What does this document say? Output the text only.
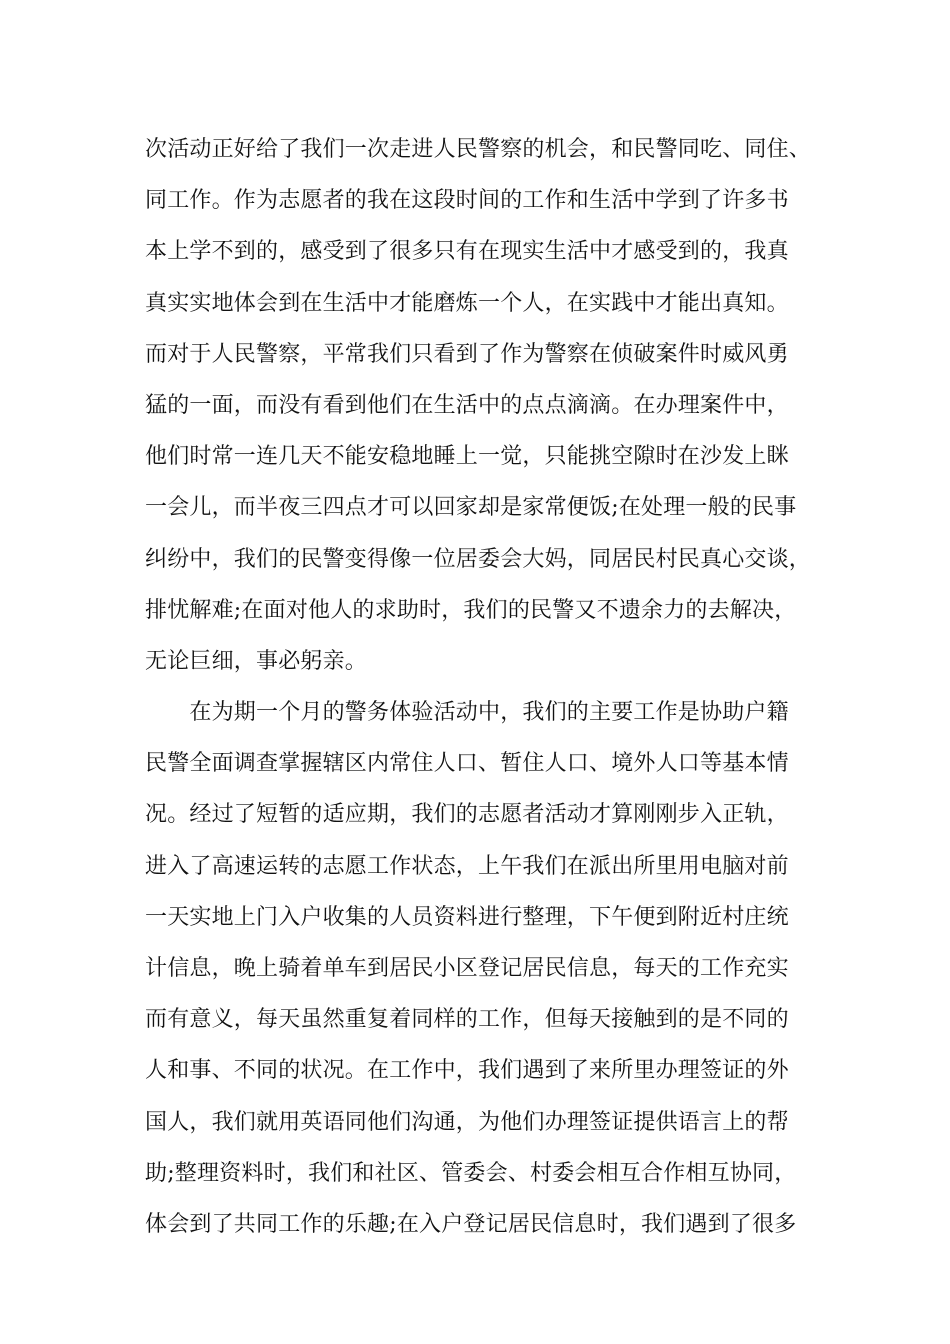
次活动正好给了我们一次走进人民警察的机会，和民警同吃、同住、
同工作。作为志愿者的我在这段时间的工作和生活中学到了许多书
本上学不到的，感受到了很多只有在现实生活中才感受到的，我真
真实实地体会到在生活中才能磨炼一个人，在实践中才能出真知。
而对于人民警察，平常我们只看到了作为警察在侦破案件时威风勇
猛的一面，而没有看到他们在生活中的点点滴滴。在办理案件中，
他们时常一连几天不能安稳地睡上一觉，只能挑空隙时在沙发上眯
一会儿，而半夜三四点才可以回家却是家常便饭;在处理一般的民事
纠纷中，我们的民警变得像一位居委会大妈，同居民村民真心交谈，
排忧解难;在面对他人的求助时，我们的民警又不遗余力的去解决，
无论巨细，事必躬亲。
　　在为期一个月的警务体验活动中，我们的主要工作是协助户籍
民警全面调查掌握辖区内常住人口、暂住人口、境外人口等基本情
况。经过了短暂的适应期，我们的志愿者活动才算刚刚步入正轨，
进入了高速运转的志愿工作状态，上午我们在派出所里用电脑对前
一天实地上门入户收集的人员资料进行整理，下午便到附近村庄统
计信息，晚上骑着单车到居民小区登记居民信息，每天的工作充实
而有意义，每天虽然重复着同样的工作，但每天接触到的是不同的
人和事、不同的状况。在工作中，我们遇到了来所里办理签证的外
国人，我们就用英语同他们沟通，为他们办理签证提供语言上的帮
助;整理资料时，我们和社区、管委会、村委会相互合作相互协同，
体会到了共同工作的乐趣;在入户登记居民信息时，我们遇到了很多
